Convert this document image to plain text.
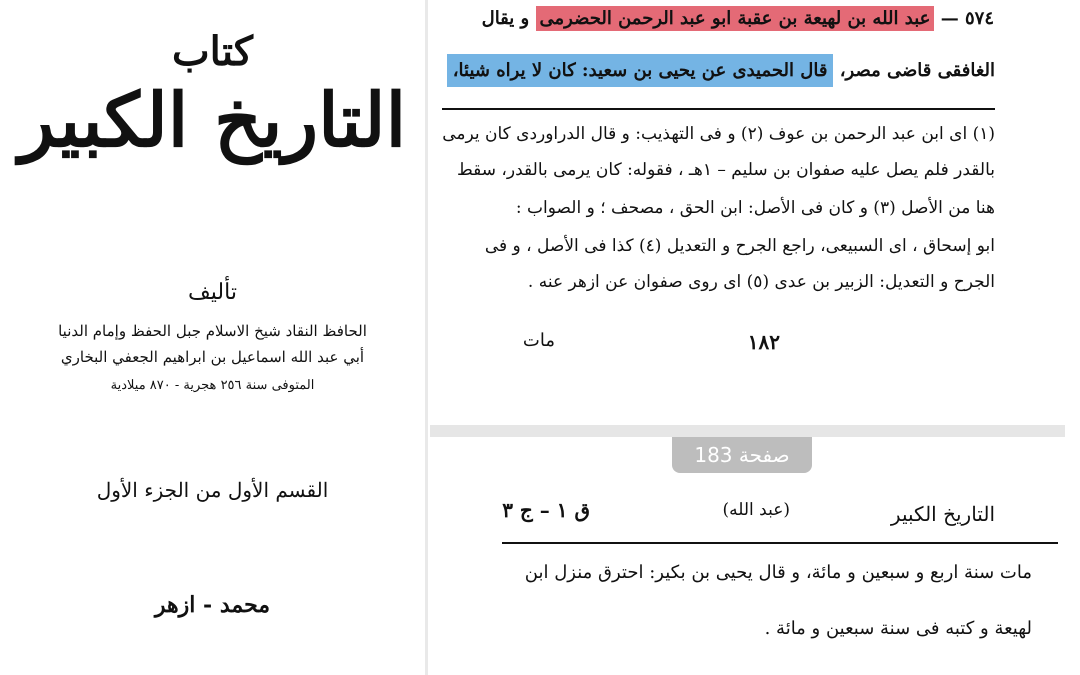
كتاب
التاريخ الكبير
تأليف
الحافظ النقاد شيخ الاسلام جبل الحفظ وإمام الدنيا
أبي عبد الله اسماعيل بن ابراهيم الجعفي البخاري
المتوفى سنة ٢٥٦ هجرية - ٨٧٠ ميلادية
القسم الأول من الجزء الأول
محمد - ازهر
٥٧٤ — عبد الله بن لهيعة بن عقبة ابو عبد الرحمن الحضرمى و يقال
الغافقى قاضى مصر، قال الحميدى عن يحيى بن سعيد: كان لا يراه شيئا،
(١) اى ابن عبد الرحمن بن عوف (٢) و فى التهذيب: و قال الدراوردى كان يرمى
بالقدر فلم يصل عليه صفوان بن سليم – ١هـ ، فقوله: كان يرمى بالقدر، سقط
هنا من الأصل (٣) و كان فى الأصل: ابن الحق ، مصحف ؛ و الصواب :
ابو إسحاق ، اى السبيعى، راجع الجرح و التعديل (٤) كذا فى الأصل ، و فى
الجرح و التعديل: الزبير بن عدى (٥) اى روى صفوان عن ازهر عنه .
١٨٢
مات
صفحة 183
التاريخ الكبير
(عبد الله)
ق ١ – ج ٣
مات سنة اربع و سبعين و مائة، و قال يحيى بن بكير: احترق منزل ابن
لهيعة و كتبه فى سنة سبعين و مائة .
